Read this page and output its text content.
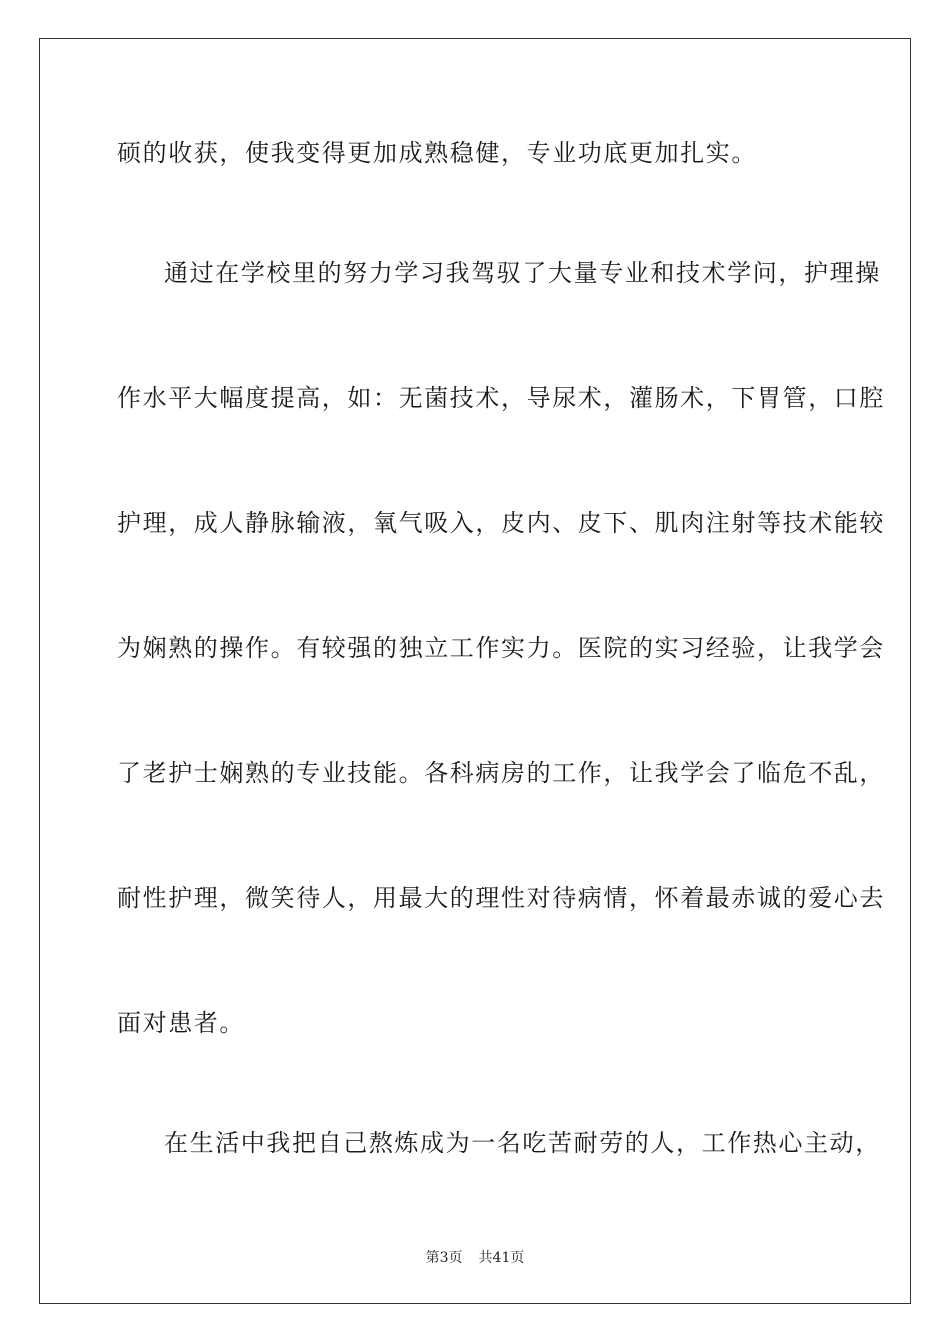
硕的收获，使我变得更加成熟稳健，专业功底更加扎实。
通过在学校里的努力学习我驾驭了大量专业和技术学问，护理操
作水平大幅度提高，如：无菌技术，导尿术，灌肠术，下胃管，口腔
护理，成人静脉输液，氧气吸入，皮内、皮下、肌肉注射等技术能较
为娴熟的操作。有较强的独立工作实力。医院的实习经验，让我学会
了老护士娴熟的专业技能。各科病房的工作，让我学会了临危不乱，
耐性护理，微笑待人，用最大的理性对待病情，怀着最赤诚的爱心去
面对患者。
在生活中我把自己熬炼成为一名吃苦耐劳的人，工作热心主动，
第3页 共41页
